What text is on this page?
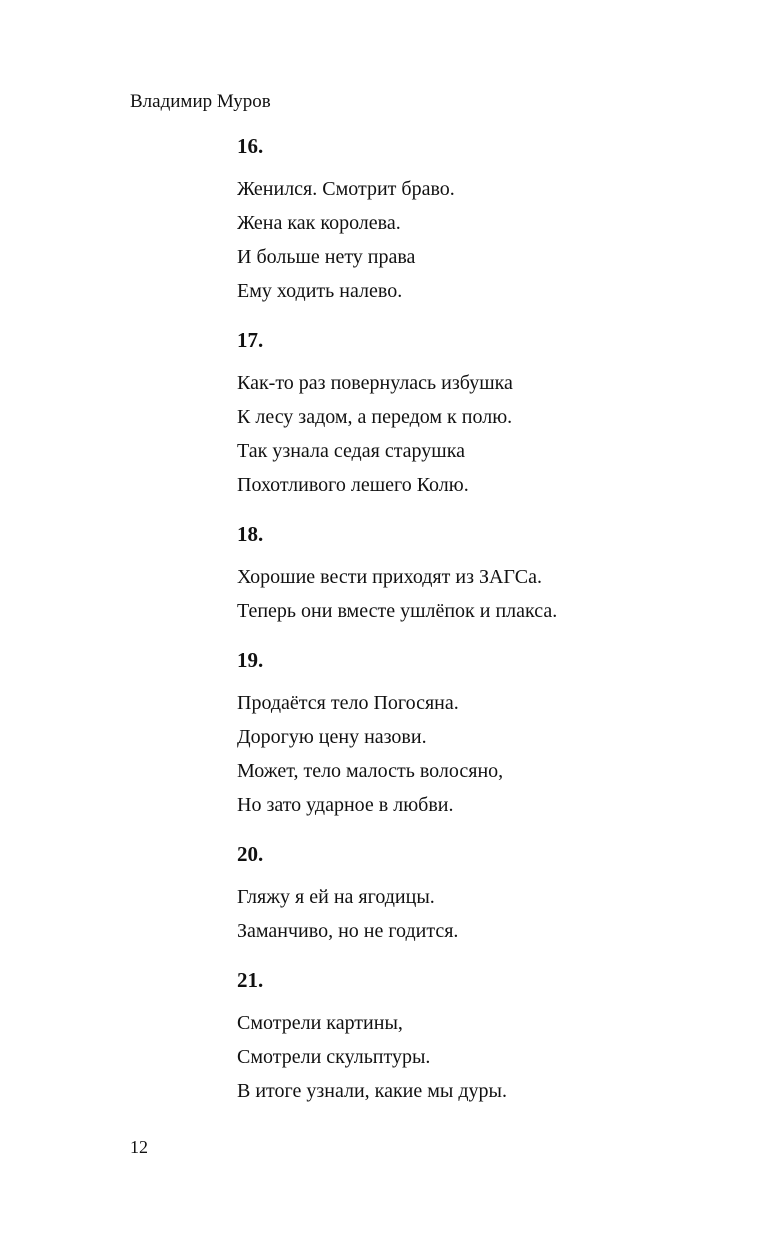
Владимир Муров
16.
Женился. Смотрит браво.
Жена как королева.
И больше нету права
Ему ходить налево.
17.
Как-то раз повернулась избушка
К лесу задом, а передом к полю.
Так узнала седая старушка
Похотливого лешего Колю.
18.
Хорошие вести приходят из ЗАГСа.
Теперь они вместе ушлёпок и плакса.
19.
Продаётся тело Погосяна.
Дорогую цену назови.
Может, тело малость волосяно,
Но зато ударное в любви.
20.
Гляжу я ей на ягодицы.
Заманчиво, но не годится.
21.
Смотрели картины,
Смотрели скульптуры.
В итоге узнали, какие мы дуры.
12
